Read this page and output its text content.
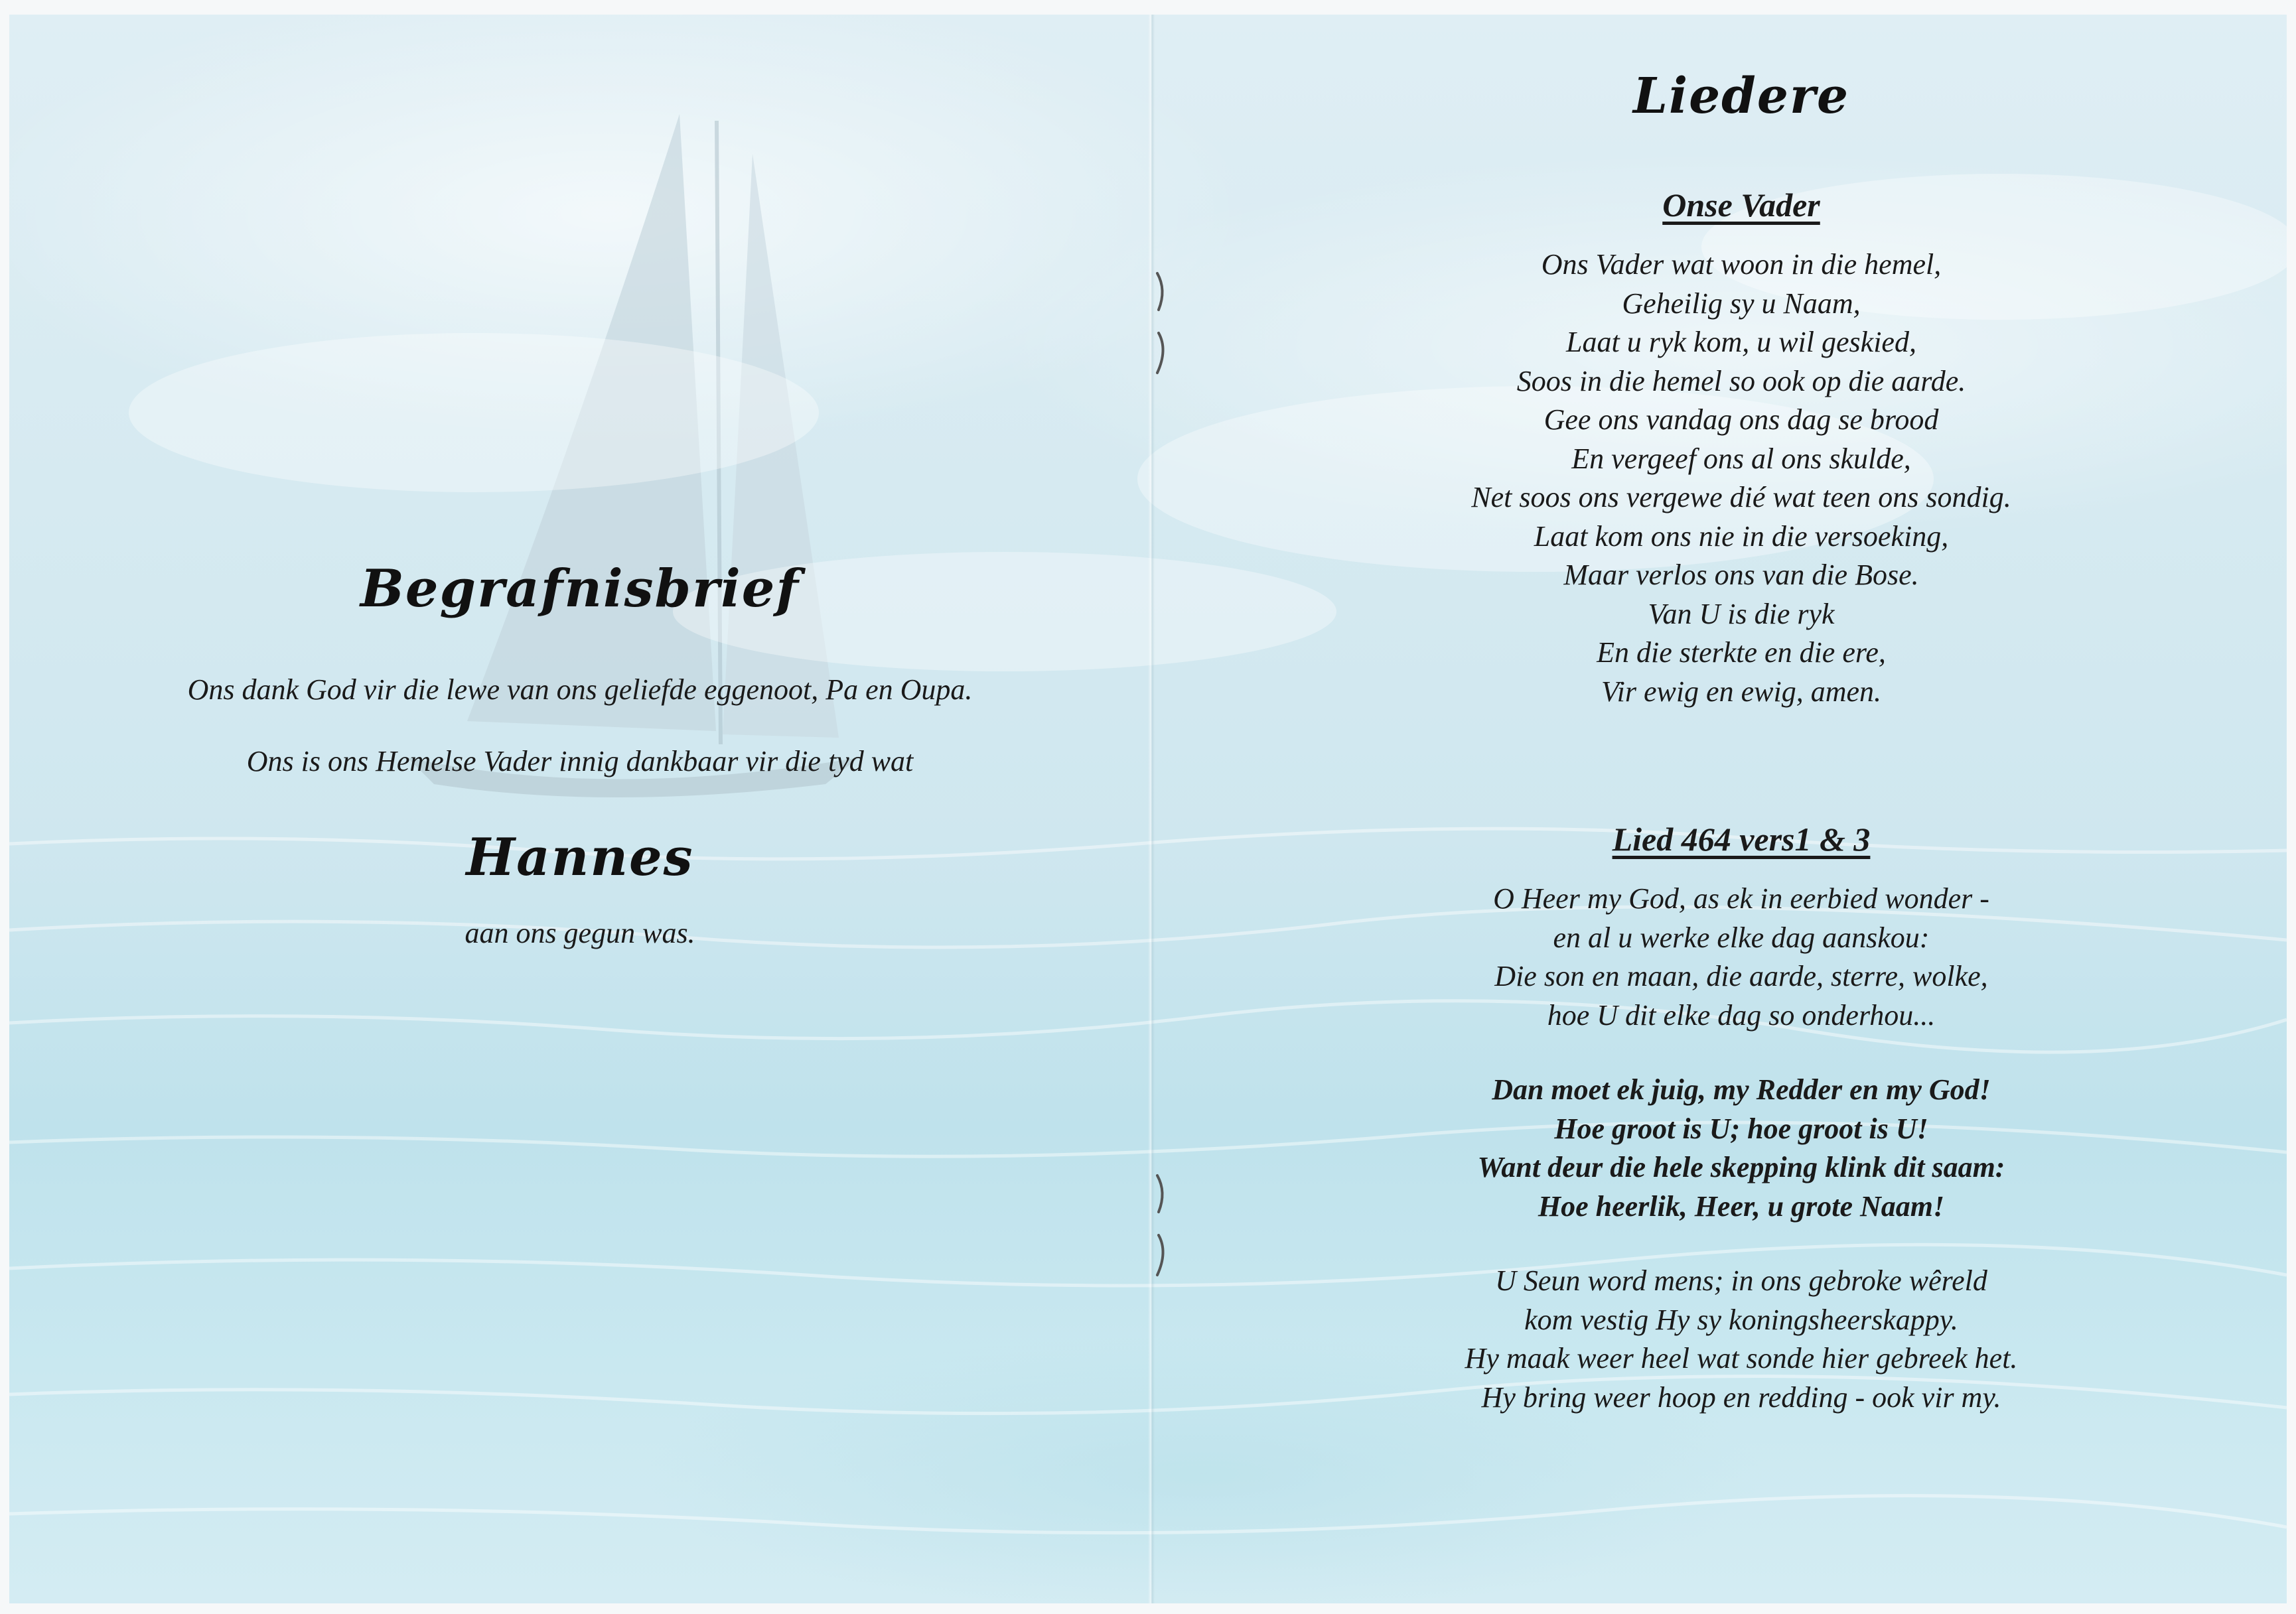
Begrafnisbrief

Ons dank God vir die lewe van ons geliefde eggenoot, Pa en Oupa.

Ons is ons Hemelse Vader innig dankbaar vir die tyd wat

Hannes

aan ons gegun was.

Liedere
Onse Vader
Ons Vader wat woon in die hemel,
Geheilig sy u Naam,
Laat u ryk kom, u wil geskied,
Soos in die hemel so ook op die aarde.
Gee ons vandag ons dag se brood
En vergeef ons al ons skulde,
Net soos ons vergewe dié wat teen ons sondig.
Laat kom ons nie in die versoeking,
Maar verlos ons van die Bose.
Van U is die ryk
En die sterkte en die ere,
Vir ewig en ewig, amen.
Lied 464 vers1 & 3
O Heer my God, as ek in eerbied wonder -
en al u werke elke dag aanskou:
Die son en maan, die aarde, sterre, wolke,
hoe U dit elke dag so onderhou...
Dan moet ek juig, my Redder en my God!
Hoe groot is U; hoe groot is U!
Want deur die hele skepping klink dit saam:
Hoe heerlik, Heer, u grote Naam!
U Seun word mens; in ons gebroke wêreld
kom vestig Hy sy koningsheerskappy.
Hy maak weer heel wat sonde hier gebreek het.
Hy bring weer hoop en redding - ook vir my.
